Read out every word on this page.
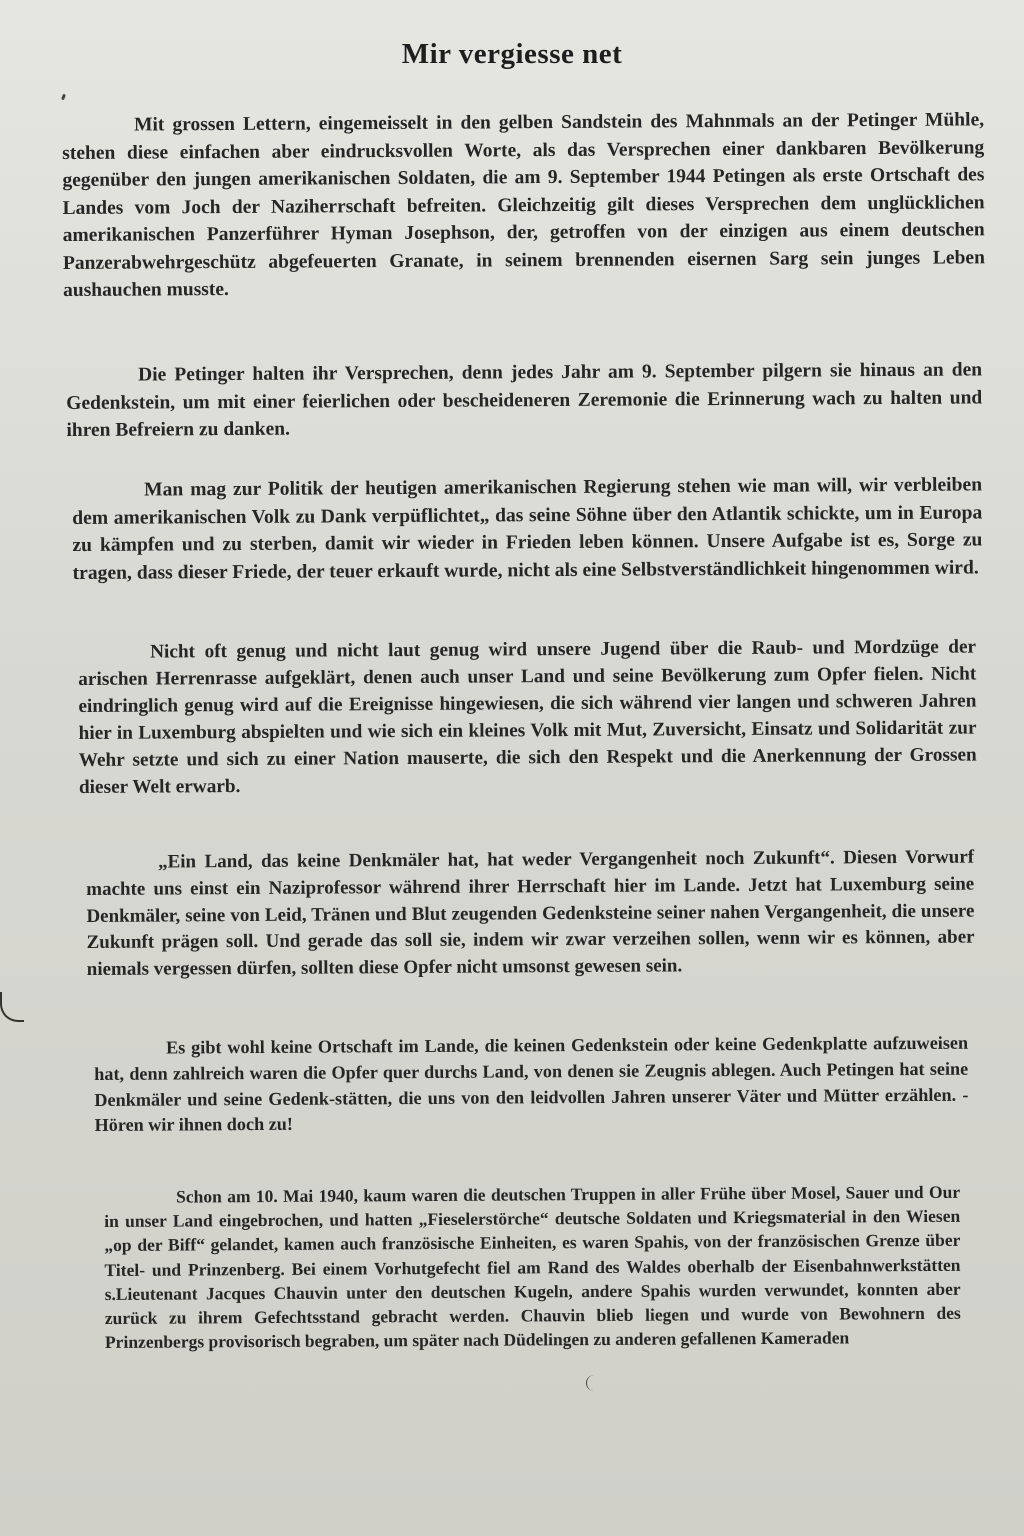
Mir vergiesse net

Mit grossen Lettern, eingemeisselt in den gelben Sandstein des Mahnmals an der Petinger Mühle, stehen diese einfachen aber eindrucksvollen Worte, als das Versprechen einer dankbaren Bevölkerung gegenüber den jungen amerikanischen Soldaten, die am 9. September 1944 Petingen als erste Ortschaft des Landes vom Joch der Naziherrschaft befreiten. Gleichzeitig gilt dieses Versprechen dem unglücklichen amerikanischen Panzerführer Hyman Josephson, der, getroffen von der einzigen aus einem deutschen Panzerabwehrgeschütz abgefeuerten Granate, in seinem brennenden eisernen Sarg sein junges Leben aushauchen musste.

Die Petinger halten ihr Versprechen, denn jedes Jahr am 9. September pilgern sie hinaus an den Gedenkstein, um mit einer feierlichen oder bescheideneren Zeremonie die Erinnerung wach zu halten und ihren Befreiern zu danken.

Man mag zur Politik der heutigen amerikanischen Regierung stehen wie man will, wir verbleiben dem amerikanischen Volk zu Dank verpüflichtet„ das seine Söhne über den Atlantik schickte, um in Europa zu kämpfen und zu sterben, damit wir wieder in Frieden leben können. Unsere Aufgabe ist es, Sorge zu tragen, dass dieser Friede, der teuer erkauft wurde, nicht als eine Selbstverständlichkeit hingenommen wird.

Nicht oft genug und nicht laut genug wird unsere Jugend über die Raub- und Mordzüge der arischen Herrenrasse aufgeklärt, denen auch unser Land und seine Bevölkerung zum Opfer fielen. Nicht eindringlich genug wird auf die Ereignisse hingewiesen, die sich während vier langen und schweren Jahren hier in Luxemburg abspielten und wie sich ein kleines Volk mit Mut, Zuversicht, Einsatz und Solidarität zur Wehr setzte und sich zu einer Nation mauserte, die sich den Respekt und die Anerkennung der Grossen dieser Welt erwarb.

„Ein Land, das keine Denkmäler hat, hat weder Vergangenheit noch Zukunft“. Diesen Vorwurf machte uns einst ein Naziprofessor während ihrer Herrschaft hier im Lande. Jetzt hat Luxemburg seine Denkmäler, seine von Leid, Tränen und Blut zeugenden Gedenksteine seiner nahen Vergangenheit, die unsere Zukunft prägen soll. Und gerade das soll sie, indem wir zwar verzeihen sollen, wenn wir es können, aber niemals vergessen dürfen, sollten diese Opfer nicht umsonst gewesen sein.

Es gibt wohl keine Ortschaft im Lande, die keinen Gedenkstein oder keine Gedenkplatte aufzuweisen hat, denn zahlreich waren die Opfer quer durchs Land, von denen sie Zeugnis ablegen. Auch Petingen hat seine Denkmäler und seine Gedenk-stätten, die uns von den leidvollen Jahren unserer Väter und Mütter erzählen. - Hören wir ihnen doch zu!

Schon am 10. Mai 1940, kaum waren die deutschen Truppen in aller Frühe über Mosel, Sauer und Our in unser Land eingebrochen, und hatten „Fieselerstörche“ deutsche Soldaten und Kriegsmaterial in den Wiesen „op der Biff“ gelandet, kamen auch französische Einheiten, es waren Spahis, von der französischen Grenze über Titel- und Prinzenberg. Bei einem Vorhutgefecht fiel am Rand des Waldes oberhalb der Eisenbahnwerkstätten s.Lieutenant Jacques Chauvin unter den deutschen Kugeln, andere Spahis wurden verwundet, konnten aber zurück zu ihrem Gefechtsstand gebracht werden. Chauvin blieb liegen und wurde von Bewohnern des Prinzenbergs provisorisch begraben, um später nach Düdelingen zu anderen gefallenen Kameraden
